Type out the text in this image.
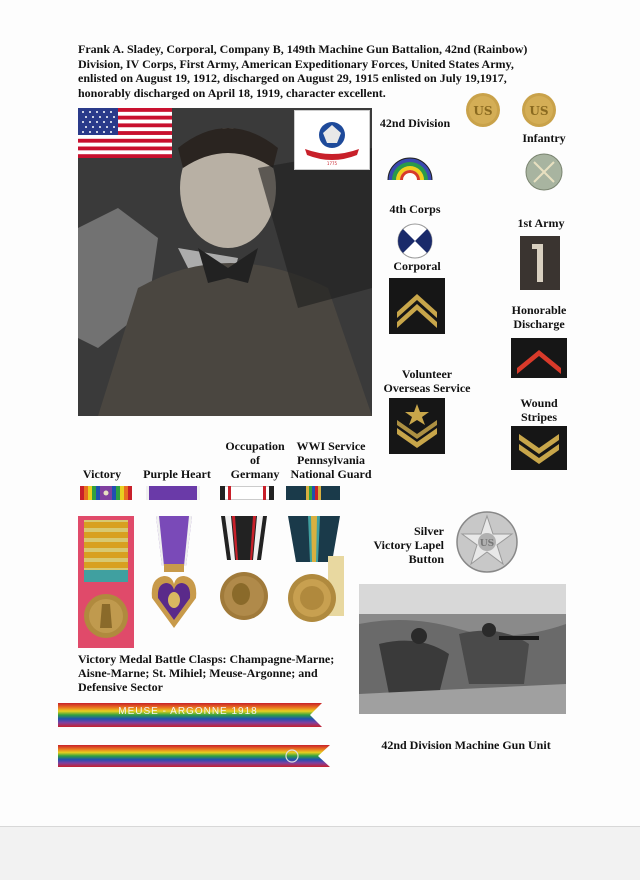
Frank A. Sladey, Corporal, Company B, 149th Machine Gun Battalion, 42nd (Rainbow) Division, IV Corps, First Army, American Expeditionary Forces, United States Army, enlisted on August 19, 1912, discharged on August 29, 1915 enlisted on July 19,1917, honorably discharged on April 18, 1919, character excellent.
1775
42nd Division
US	US
Infantry
4th Corps
1st Army
Corporal
Honorable
Discharge
Volunteer
Overseas Service
Wound
Stripes
Occupation
of
Germany
WWI Service
Pennsylvania
National Guard
Victory	Purple Heart
Silver
Victory Lapel
Button
US
Victory Medal Battle Clasps: Champagne-Marne;
Aisne-Marne; St. Mihiel; Meuse-Argonne; and
Defensive Sector
MEUSE - ARGONNE 1918
42nd Division Machine Gun Unit
